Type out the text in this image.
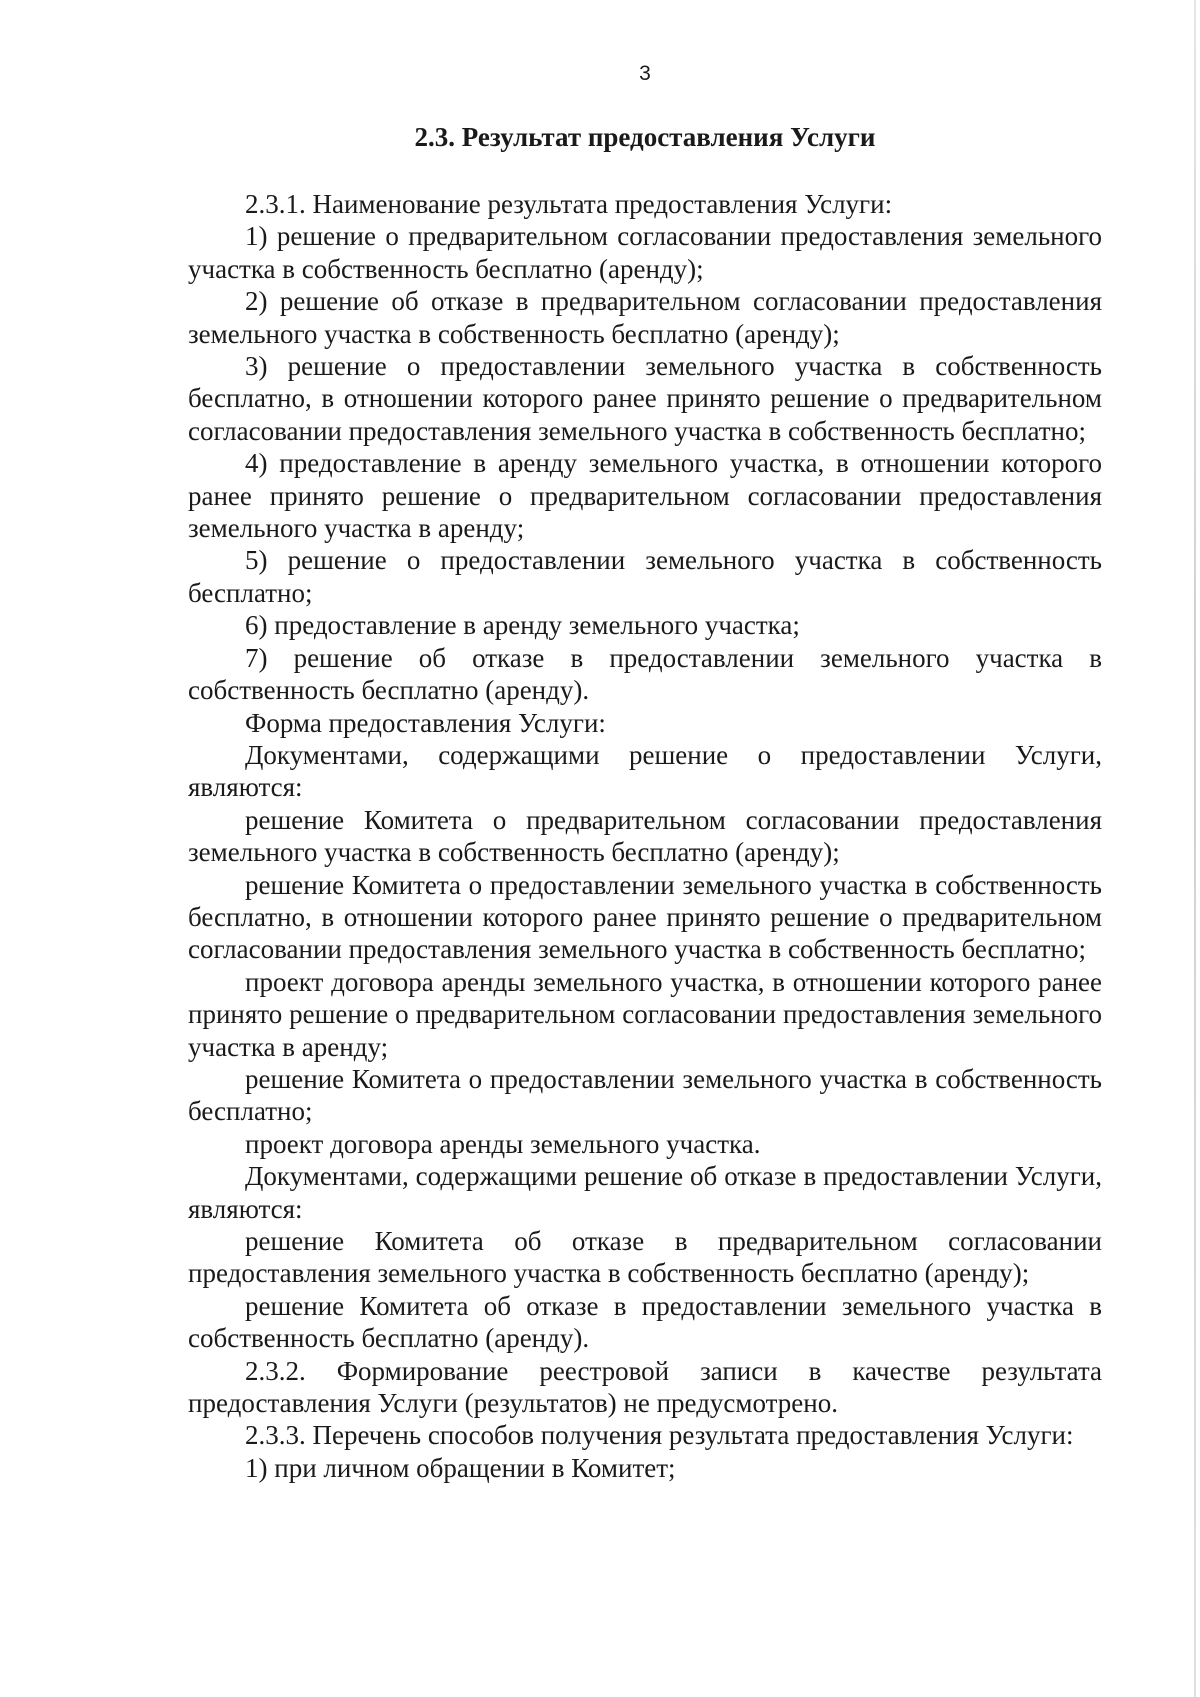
3
2.3. Результат предоставления Услуги

2.3.1. Наименование результата предоставления Услуги:

1) решение о предварительном согласовании предоставления земельного участка в собственность бесплатно (аренду);

2) решение об отказе в предварительном согласовании предоставления земельного участка в собственность бесплатно (аренду);

3) решение о предоставлении земельного участка в собственность бесплатно, в отношении которого ранее принято решение о предварительном согласовании предоставления земельного участка в собственность бесплатно;

4) предоставление в аренду земельного участка, в отношении которого ранее принято решение о предварительном согласовании предоставления земельного участка в аренду;

5) решение о предоставлении земельного участка в собственность бесплатно;

6) предоставление в аренду земельного участка;

7) решение об отказе в предоставлении земельного участка в собственность бесплатно (аренду).

Форма предоставления Услуги:

Документами, содержащими решение о предоставлении Услуги, являются:

решение Комитета о предварительном согласовании предоставления земельного участка в собственность бесплатно (аренду);

решение Комитета о предоставлении земельного участка в собственность бесплатно, в отношении которого ранее принято решение о предварительном согласовании предоставления земельного участка в собственность бесплатно;

проект договора аренды земельного участка, в отношении которого ранее принято решение о предварительном согласовании предоставления земельного участка в аренду;

решение Комитета о предоставлении земельного участка в собственность бесплатно;

проект договора аренды земельного участка.

Документами, содержащими решение об отказе в предоставлении Услуги, являются:

решение Комитета об отказе в предварительном согласовании предоставления земельного участка в собственность бесплатно (аренду);

решение Комитета об отказе в предоставлении земельного участка в собственность бесплатно (аренду).

2.3.2. Формирование реестровой записи в качестве результата предоставления Услуги (результатов) не предусмотрено.

2.3.3. Перечень способов получения результата предоставления Услуги:

1) при личном обращении в Комитет;
